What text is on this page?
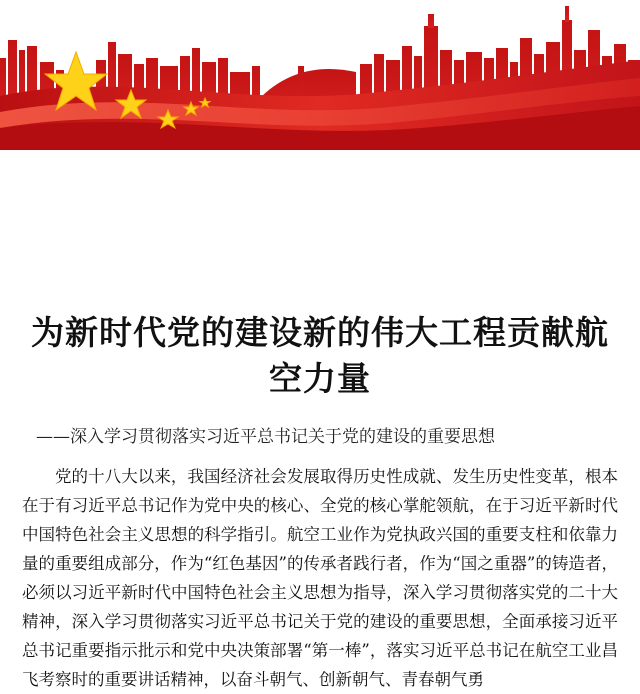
为新时代党的建设新的伟大工程贡献航空力量

——深入学习贯彻落实习近平总书记关于党的建设的重要思想

党的十八大以来，我国经济社会发展取得历史性成就、发生历史性变革，根本在于有习近平总书记作为党中央的核心、全党的核心掌舵领航，在于习近平新时代中国特色社会主义思想的科学指引。航空工业作为党执政兴国的重要支柱和依靠力量的重要组成部分，作为“红色基因”的传承者践行者，作为“国之重器”的铸造者，必须以习近平新时代中国特色社会主义思想为指导，深入学习贯彻落实党的二十大精神，深入学习贯彻落实习近平总书记关于党的建设的重要思想，全面承接习近平总书记重要指示批示和党中央决策部署“第一棒”，落实习近平总书记在航空工业昌飞考察时的重要讲话精神，以奋斗朝气、创新朝气、青春朝气勇
